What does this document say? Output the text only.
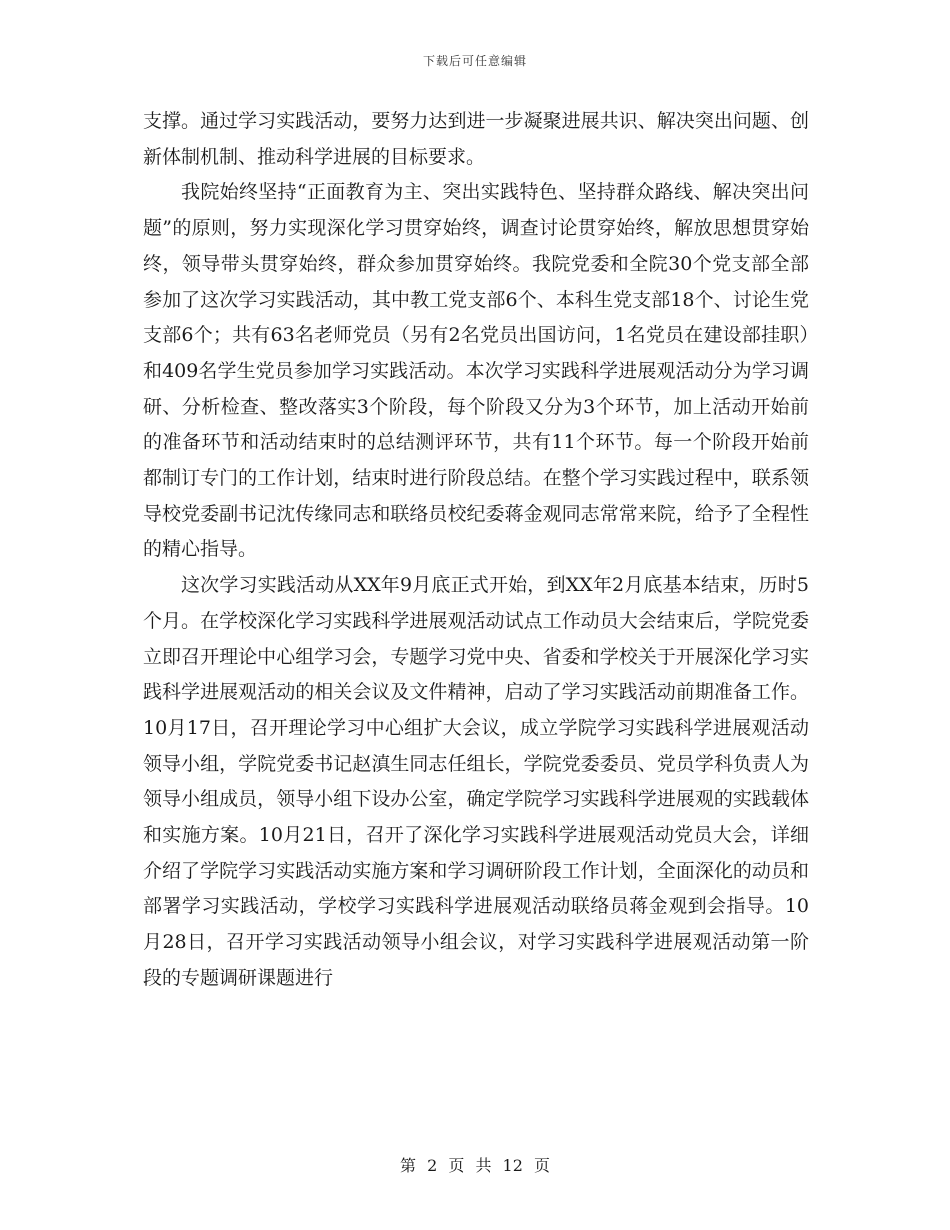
下载后可任意编辑

支撑。通过学习实践活动，要努力达到进一步凝聚进展共识、解决突出问题、创新体制机制、推动科学进展的目标要求。

我院始终坚持“正面教育为主、突出实践特色、坚持群众路线、解决突出问题”的原则，努力实现深化学习贯穿始终，调查讨论贯穿始终，解放思想贯穿始终，领导带头贯穿始终，群众参加贯穿始终。我院党委和全院30个党支部全部参加了这次学习实践活动，其中教工党支部6个、本科生党支部18个、讨论生党支部6个；共有63名老师党员（另有2名党员出国访问，1名党员在建设部挂职）和409名学生党员参加学习实践活动。本次学习实践科学进展观活动分为学习调研、分析检查、整改落实3个阶段，每个阶段又分为3个环节，加上活动开始前的准备环节和活动结束时的总结测评环节，共有11个环节。每一个阶段开始前都制订专门的工作计划，结束时进行阶段总结。在整个学习实践过程中，联系领导校党委副书记沈传缘同志和联络员校纪委蒋金观同志常常来院，给予了全程性的精心指导。

这次学习实践活动从XX年9月底正式开始，到XX年2月底基本结束，历时5个月。在学校深化学习实践科学进展观活动试点工作动员大会结束后，学院党委立即召开理论中心组学习会，专题学习党中央、省委和学校关于开展深化学习实践科学进展观活动的相关会议及文件精神，启动了学习实践活动前期准备工作。10月17日，召开理论学习中心组扩大会议，成立学院学习实践科学进展观活动领导小组，学院党委书记赵滇生同志任组长，学院党委委员、党员学科负责人为领导小组成员，领导小组下设办公室，确定学院学习实践科学进展观的实践载体和实施方案。10月21日，召开了深化学习实践科学进展观活动党员大会，详细介绍了学院学习实践活动实施方案和学习调研阶段工作计划，全面深化的动员和部署学习实践活动，学校学习实践科学进展观活动联络员蒋金观到会指导。10月28日，召开学习实践活动领导小组会议，对学习实践科学进展观活动第一阶段的专题调研课题进行

第 2 页 共 12 页
